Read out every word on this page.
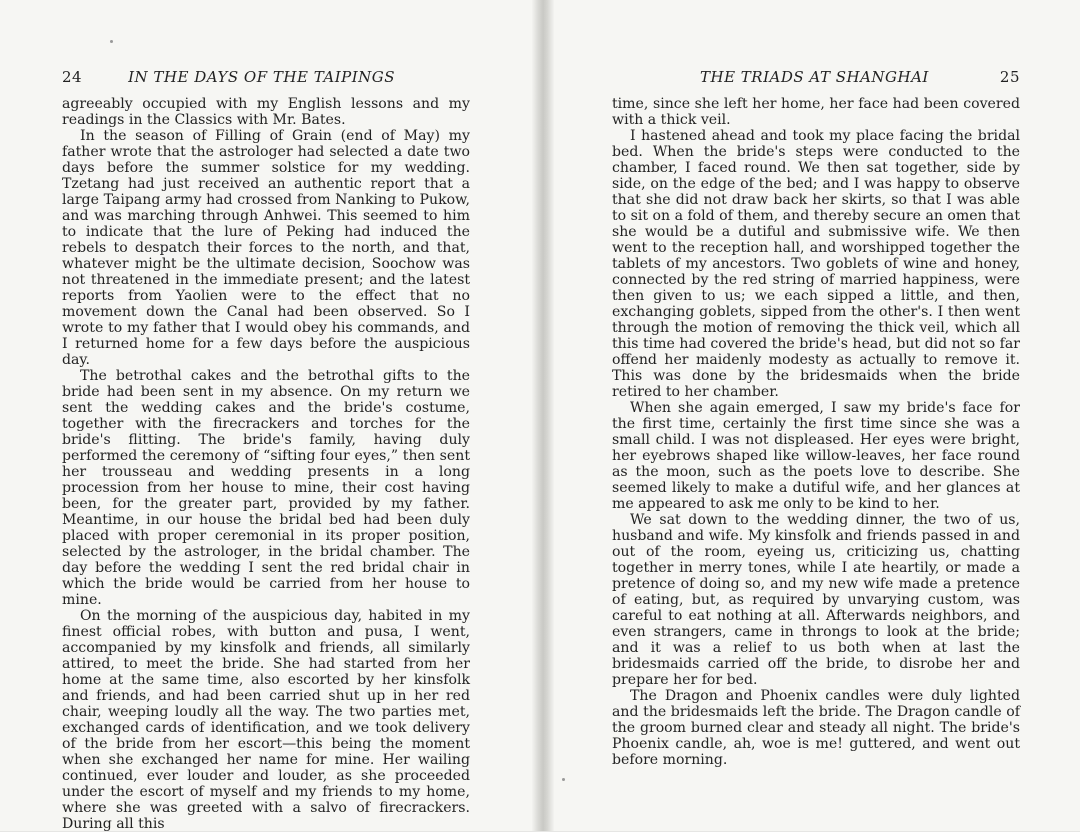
24	IN THE DAYS OF THE TAIPINGS

agreeably occupied with my English lessons and my readings in the Classics with Mr. Bates.

In the season of Filling of Grain (end of May) my father wrote that the astrologer had selected a date two days before the summer solstice for my wedding. Tzetang had just received an authentic report that a large Taipang army had crossed from Nanking to Pukow, and was marching through Anhwei. This seemed to him to indicate that the lure of Peking had induced the rebels to despatch their forces to the north, and that, whatever might be the ultimate decision, Soochow was not threatened in the immediate present; and the latest reports from Yaolien were to the effect that no movement down the Canal had been observed. So I wrote to my father that I would obey his commands, and I returned home for a few days before the auspicious day.

The betrothal cakes and the betrothal gifts to the bride had been sent in my absence. On my return we sent the wedding cakes and the bride's costume, together with the firecrackers and torches for the bride's flitting. The bride's family, having duly performed the ceremony of “sifting four eyes,” then sent her trousseau and wedding presents in a long procession from her house to mine, their cost having been, for the greater part, provided by my father. Meantime, in our house the bridal bed had been duly placed with proper ceremonial in its proper position, selected by the astrologer, in the bridal chamber. The day before the wedding I sent the red bridal chair in which the bride would be carried from her house to mine.

On the morning of the auspicious day, habited in my finest official robes, with button and pusa, I went, accompanied by my kinsfolk and friends, all similarly attired, to meet the bride. She had started from her home at the same time, also escorted by her kinsfolk and friends, and had been carried shut up in her red chair, weeping loudly all the way. The two parties met, exchanged cards of identification, and we took delivery of the bride from her escort—this being the moment when she exchanged her name for mine. Her wailing continued, ever louder and louder, as she proceeded under the escort of myself and my friends to my home, where she was greeted with a salvo of firecrackers. During all this

THE TRIADS AT SHANGHAI	25

time, since she left her home, her face had been covered with a thick veil.

I hastened ahead and took my place facing the bridal bed. When the bride's steps were conducted to the chamber, I faced round. We then sat together, side by side, on the edge of the bed; and I was happy to observe that she did not draw back her skirts, so that I was able to sit on a fold of them, and thereby secure an omen that she would be a dutiful and submissive wife. We then went to the reception hall, and worshipped together the tablets of my ancestors. Two goblets of wine and honey, connected by the red string of married happiness, were then given to us; we each sipped a little, and then, exchanging goblets, sipped from the other's. I then went through the motion of removing the thick veil, which all this time had covered the bride's head, but did not so far offend her maidenly modesty as actually to remove it. This was done by the bridesmaids when the bride retired to her chamber.

When she again emerged, I saw my bride's face for the first time, certainly the first time since she was a small child. I was not displeased. Her eyes were bright, her eyebrows shaped like willow-leaves, her face round as the moon, such as the poets love to describe. She seemed likely to make a dutiful wife, and her glances at me appeared to ask me only to be kind to her.

We sat down to the wedding dinner, the two of us, husband and wife. My kinsfolk and friends passed in and out of the room, eyeing us, criticizing us, chatting together in merry tones, while I ate heartily, or made a pretence of doing so, and my new wife made a pretence of eating, but, as required by unvarying custom, was careful to eat nothing at all. Afterwards neighbors, and even strangers, came in throngs to look at the bride; and it was a relief to us both when at last the bridesmaids carried off the bride, to disrobe her and prepare her for bed.

The Dragon and Phoenix candles were duly lighted and the bridesmaids left the bride. The Dragon candle of the groom burned clear and steady all night. The bride's Phoenix candle, ah, woe is me! guttered, and went out before morning.
